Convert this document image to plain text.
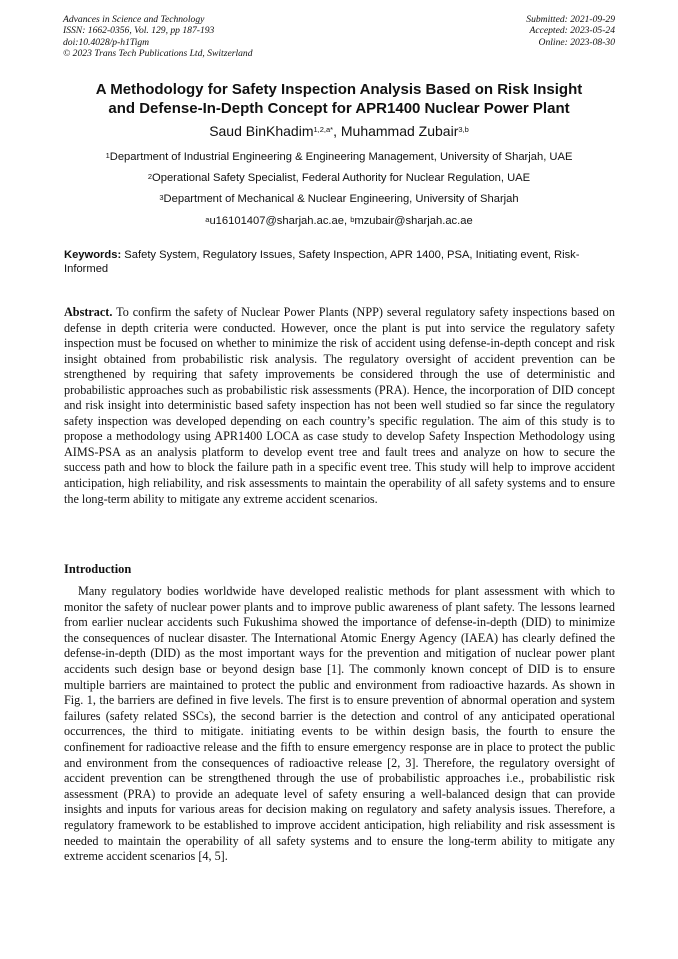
Advances in Science and Technology
ISSN: 1662-0356, Vol. 129, pp 187-193
doi:10.4028/p-h1Tigm
© 2023 Trans Tech Publications Ltd, Switzerland
Submitted: 2021-09-29
Accepted: 2023-05-24
Online: 2023-08-30
A Methodology for Safety Inspection Analysis Based on Risk Insight
and Defense-In-Depth Concept for APR1400 Nuclear Power Plant
Saud BinKhadim$^{1,2,a*}$, Muhammad Zubair$^{3,b}$
$^1$Department of Industrial Engineering & Engineering Management, University of Sharjah, UAE
$^2$Operational Safety Specialist, Federal Authority for Nuclear Regulation, UAE
$^3$Department of Mechanical & Nuclear Engineering, University of Sharjah
$^a$u16101407@sharjah.ac.ae, $^b$mzubair@sharjah.ac.ae
Keywords: Safety System, Regulatory Issues, Safety Inspection, APR 1400, PSA, Initiating event, Risk-Informed
Abstract. To confirm the safety of Nuclear Power Plants (NPP) several regulatory safety inspections based on defense in depth criteria were conducted. However, once the plant is put into service the regulatory safety inspection must be focused on whether to minimize the risk of accident using defense-in-depth concept and risk insight obtained from probabilistic risk analysis. The regulatory oversight of accident prevention can be strengthened by requiring that safety improvements be considered through the use of deterministic and probabilistic approaches such as probabilistic risk assessments (PRA). Hence, the incorporation of DID concept and risk insight into deterministic based safety inspection has not been well studied so far since the regulatory safety inspection was developed depending on each country’s specific regulation. The aim of this study is to propose a methodology using APR1400 LOCA as case study to develop Safety Inspection Methodology using AIMS-PSA as an analysis platform to develop event tree and fault trees and analyze on how to secure the success path and how to block the failure path in a specific event tree. This study will help to improve accident anticipation, high reliability, and risk assessments to maintain the operability of all safety systems and to ensure the long-term ability to mitigate any extreme accident scenarios.
Introduction

Many regulatory bodies worldwide have developed realistic methods for plant assessment with which to monitor the safety of nuclear power plants and to improve public awareness of plant safety. The lessons learned from earlier nuclear accidents such Fukushima showed the importance of defense-in-depth (DID) to minimize the consequences of nuclear disaster. The International Atomic Energy Agency (IAEA) has clearly defined the defense-in-depth (DID) as the most important ways for the prevention and mitigation of nuclear power plant accidents such design base or beyond design base [1]. The commonly known concept of DID is to ensure multiple barriers are maintained to protect the public and environment from radioactive hazards. As shown in Fig. 1, the barriers are defined in five levels. The first is to ensure prevention of abnormal operation and system failures (safety related SSCs), the second barrier is the detection and control of any anticipated operational occurrences, the third to mitigate. initiating events to be within design basis, the fourth to ensure the confinement for radioactive release and the fifth to ensure emergency response are in place to protect the public and environment from the consequences of radioactive release [2, 3]. Therefore, the regulatory oversight of accident prevention can be strengthened through the use of probabilistic approaches i.e., probabilistic risk assessment (PRA) to provide an adequate level of safety ensuring a well-balanced design that can provide insights and inputs for various areas for decision making on regulatory and safety analysis issues. Therefore, a regulatory framework to be established to improve accident anticipation, high reliability and risk assessment is needed to maintain the operability of all safety systems and to ensure the long-term ability to mitigate any extreme accident scenarios [4, 5].
